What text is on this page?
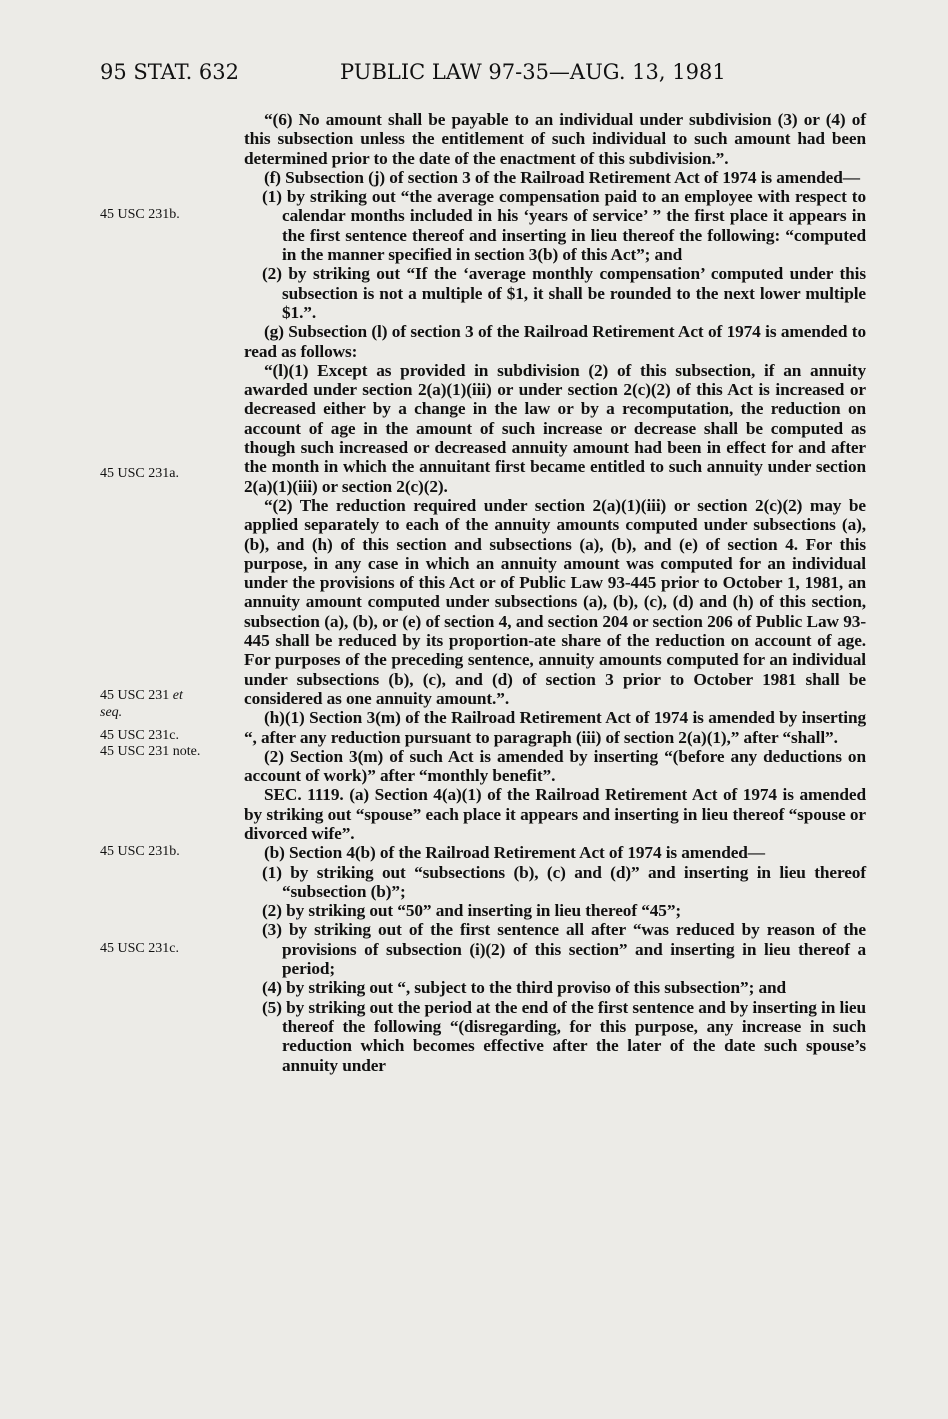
95 STAT. 632	PUBLIC LAW 97-35—AUG. 13, 1981
45 USC 231b.
45 USC 231a.
45 USC 231 et
seq.
45 USC 231c.
45 USC 231 note.
45 USC 231b.
45 USC 231c.

“(6) No amount shall be payable to an individual under subdivision (3) or (4) of this subsection unless the entitlement of such individual to such amount had been determined prior to the date of the enactment of this subdivision.”.

(f) Subsection (j) of section 3 of the Railroad Retirement Act of 1974 is amended—

(1) by striking out “the average compensation paid to an employee with respect to calendar months included in his ‘years of service’ ” the first place it appears in the first sentence thereof and inserting in lieu thereof the following: “computed in the manner specified in section 3(b) of this Act”; and

(2) by striking out “If the ‘average monthly compensation’ computed under this subsection is not a multiple of $1, it shall be rounded to the next lower multiple $1.”.

(g) Subsection (l) of section 3 of the Railroad Retirement Act of 1974 is amended to read as follows:

“(l)(1) Except as provided in subdivision (2) of this subsection, if an annuity awarded under section 2(a)(1)(iii) or under section 2(c)(2) of this Act is increased or decreased either by a change in the law or by a recomputation, the reduction on account of age in the amount of such increase or decrease shall be computed as though such increased or decreased annuity amount had been in effect for and after the month in which the annuitant first became entitled to such annuity under section 2(a)(1)(iii) or section 2(c)(2).

“(2) The reduction required under section 2(a)(1)(iii) or section 2(c)(2) may be applied separately to each of the annuity amounts computed under subsections (a), (b), and (h) of this section and subsections (a), (b), and (e) of section 4. For this purpose, in any case in which an annuity amount was computed for an individual under the provisions of this Act or of Public Law 93-445 prior to October 1, 1981, an annuity amount computed under subsections (a), (b), (c), (d) and (h) of this section, subsection (a), (b), or (e) of section 4, and section 204 or section 206 of Public Law 93-445 shall be reduced by its proportion-ate share of the reduction on account of age. For purposes of the preceding sentence, annuity amounts computed for an individual under subsections (b), (c), and (d) of section 3 prior to October 1981 shall be considered as one annuity amount.”.

(h)(1) Section 3(m) of the Railroad Retirement Act of 1974 is amended by inserting “, after any reduction pursuant to paragraph (iii) of section 2(a)(1),” after “shall”.

(2) Section 3(m) of such Act is amended by inserting “(before any deductions on account of work)” after “monthly benefit”.

SEC. 1119. (a) Section 4(a)(1) of the Railroad Retirement Act of 1974 is amended by striking out “spouse” each place it appears and inserting in lieu thereof “spouse or divorced wife”.

(b) Section 4(b) of the Railroad Retirement Act of 1974 is amended—

(1) by striking out “subsections (b), (c) and (d)” and inserting in lieu thereof “subsection (b)”;

(2) by striking out “50” and inserting in lieu thereof “45”;

(3) by striking out of the first sentence all after “was reduced by reason of the provisions of subsection (i)(2) of this section” and inserting in lieu thereof a period;

(4) by striking out “, subject to the third proviso of this subsection”; and

(5) by striking out the period at the end of the first sentence and by inserting in lieu thereof the following “(disregarding, for this purpose, any increase in such reduction which becomes effective after the later of the date such spouse’s annuity under
